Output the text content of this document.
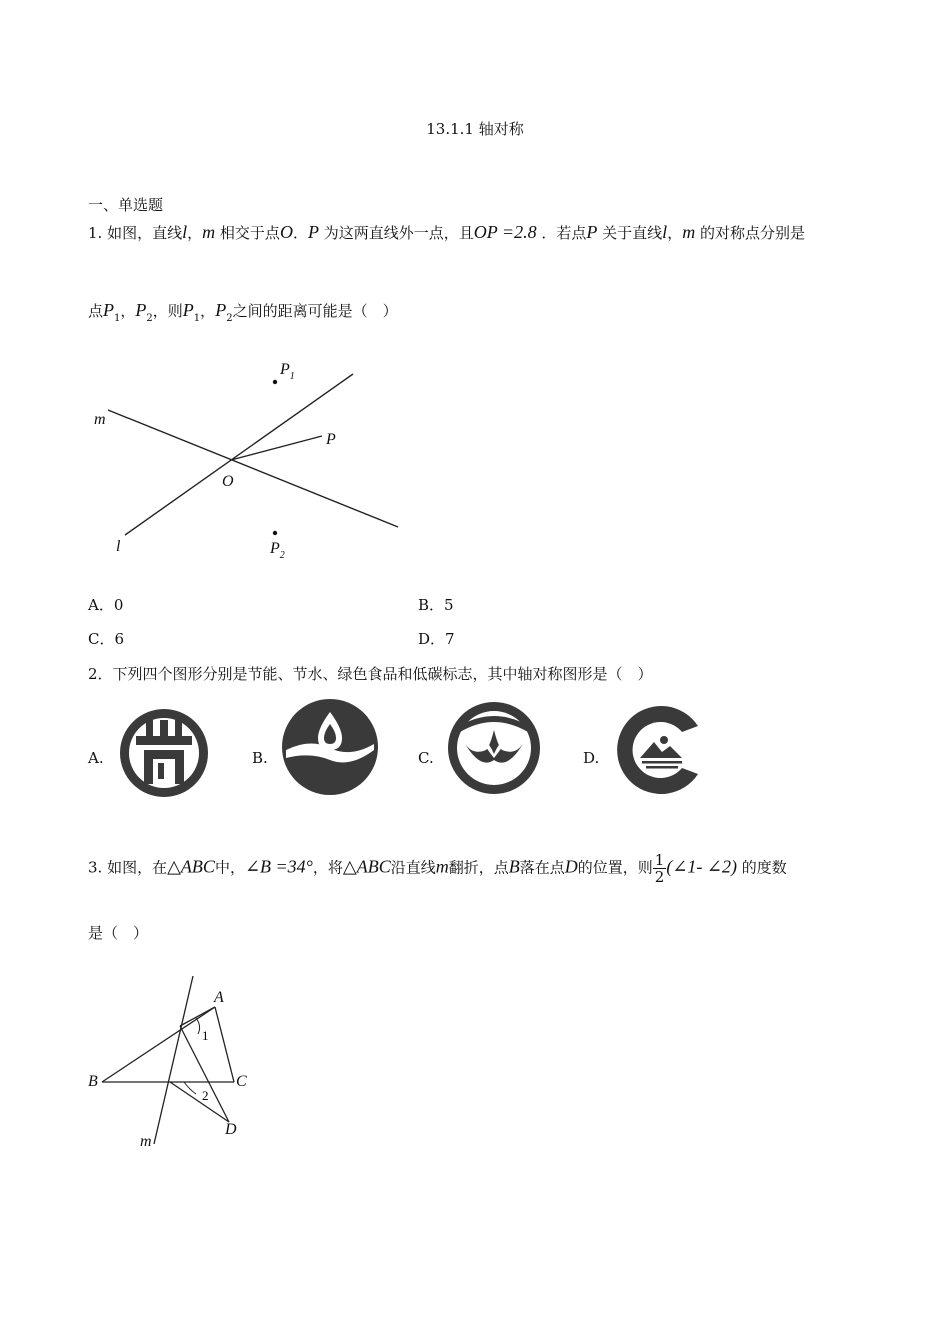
13.1.1 轴对称
一、单选题
1. 如图，直线l，m 相交于点O．P 为这两直线外一点，且OP =2.8 ．若点P 关于直线l，m 的对称点分别是
点$P_1$，$P_2$，则$P_1$，$P_2$之间的距离可能是（　）
$P_1$
m
P
O
l	$P_2$
A．0	B．5
C．6	D．7
2．下列四个图形分别是节能、节水、绿色食品和低碳标志，其中轴对称图形是（　）
A.	B.	C.	D.
3. 如图，在△ABC中，∠B =34°，将△ABC沿直线m翻折，点B落在点D的位置，则 $\frac{1}{2}$ (∠1- ∠2) 的度数
是（　）
A
B	C
D
m
1
2
